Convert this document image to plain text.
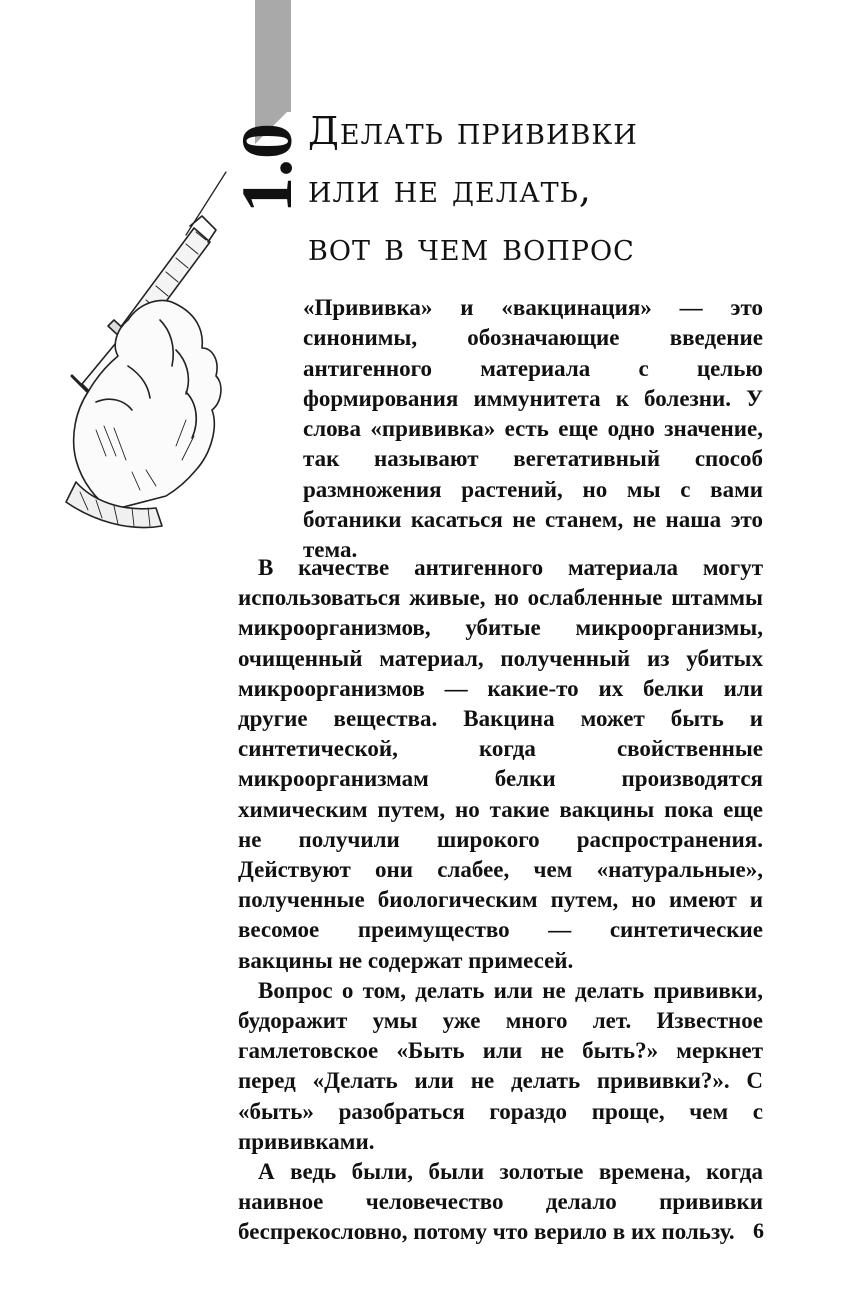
1.0 Делать прививки
или не делать,
вот в чем вопрос

«Прививка» и «вакцинация» — это синонимы, обозначающие введение антигенного материала с целью формирования иммунитета к болезни. У слова «прививка» есть еще одно значение, так называют вегетативный способ размножения растений, но мы с вами ботаники касаться не станем, не наша это тема.

В качестве антигенного материала могут использоваться живые, но ослабленные штаммы микроорганизмов, убитые микроорганизмы, очищенный материал, полученный из убитых микроорганизмов — какие-то их белки или другие вещества. Вакцина может быть и синтетической, когда свойственные микроорганизмам белки производятся химическим путем, но такие вакцины пока еще не получили широкого распространения. Действуют они слабее, чем «натуральные», полученные биологическим путем, но имеют и весомое преимущество — синтетические вакцины не содержат примесей.

Вопрос о том, делать или не делать прививки, будоражит умы уже много лет. Известное гамлетовское «Быть или не быть?» меркнет перед «Делать или не делать прививки?». С «быть» разобраться гораздо проще, чем с прививками.

А ведь были, были золотые времена, когда наивное человечество делало прививки беспрекословно, потому что верило в их пользу. 6
